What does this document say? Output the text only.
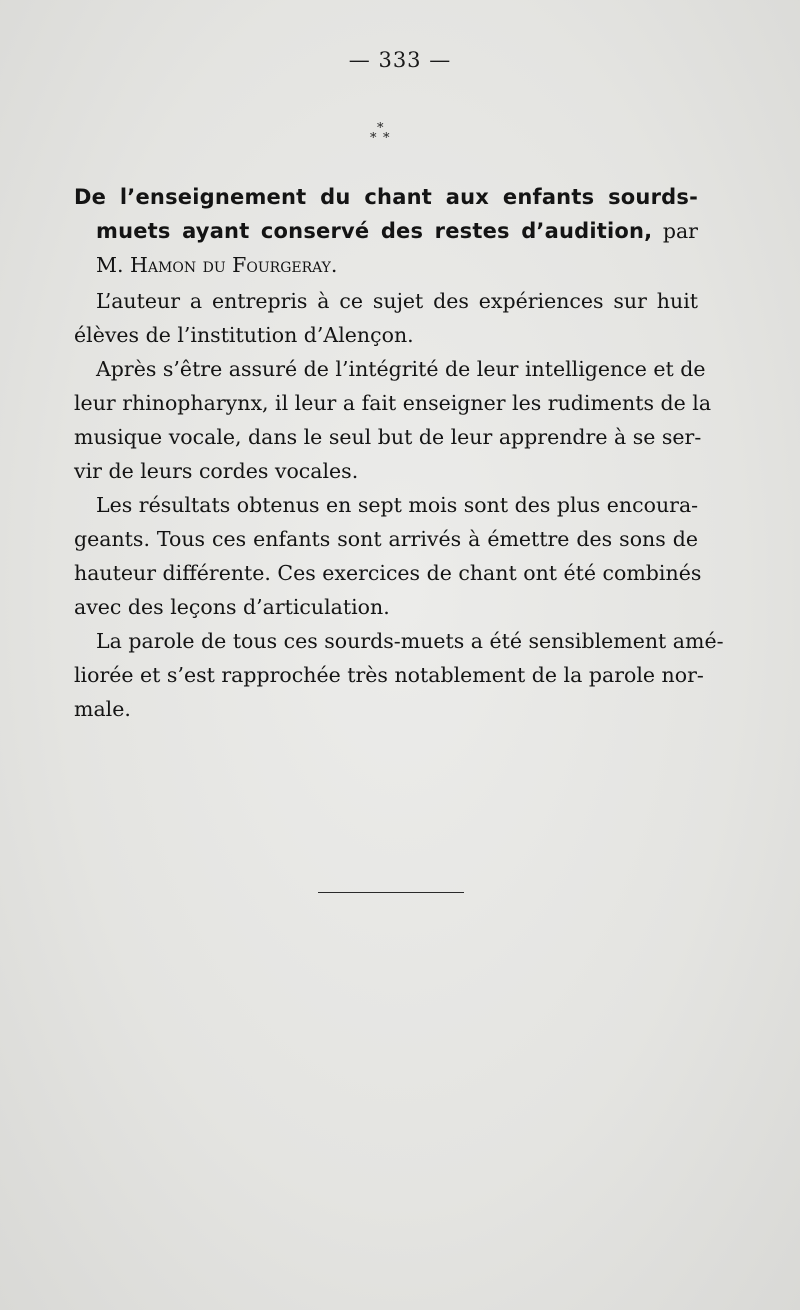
— 333 —
*
* *
De l’enseignement du chant aux enfants sourds-
muets ayant conservé des restes d’audition, par
M. Hamon du Fourgeray.
L’auteur a entrepris à ce sujet des expériences sur huit
élèves de l’institution d’Alençon.
Après s’être assuré de l’intégrité de leur intelligence et de
leur rhinopharynx, il leur a fait enseigner les rudiments de la
musique vocale, dans le seul but de leur apprendre à se ser-
vir de leurs cordes vocales.
Les résultats obtenus en sept mois sont des plus encoura-
geants. Tous ces enfants sont arrivés à émettre des sons de
hauteur différente. Ces exercices de chant ont été combinés
avec des leçons d’articulation.
La parole de tous ces sourds-muets a été sensiblement amé-
liorée et s’est rapprochée très notablement de la parole nor-
male.
